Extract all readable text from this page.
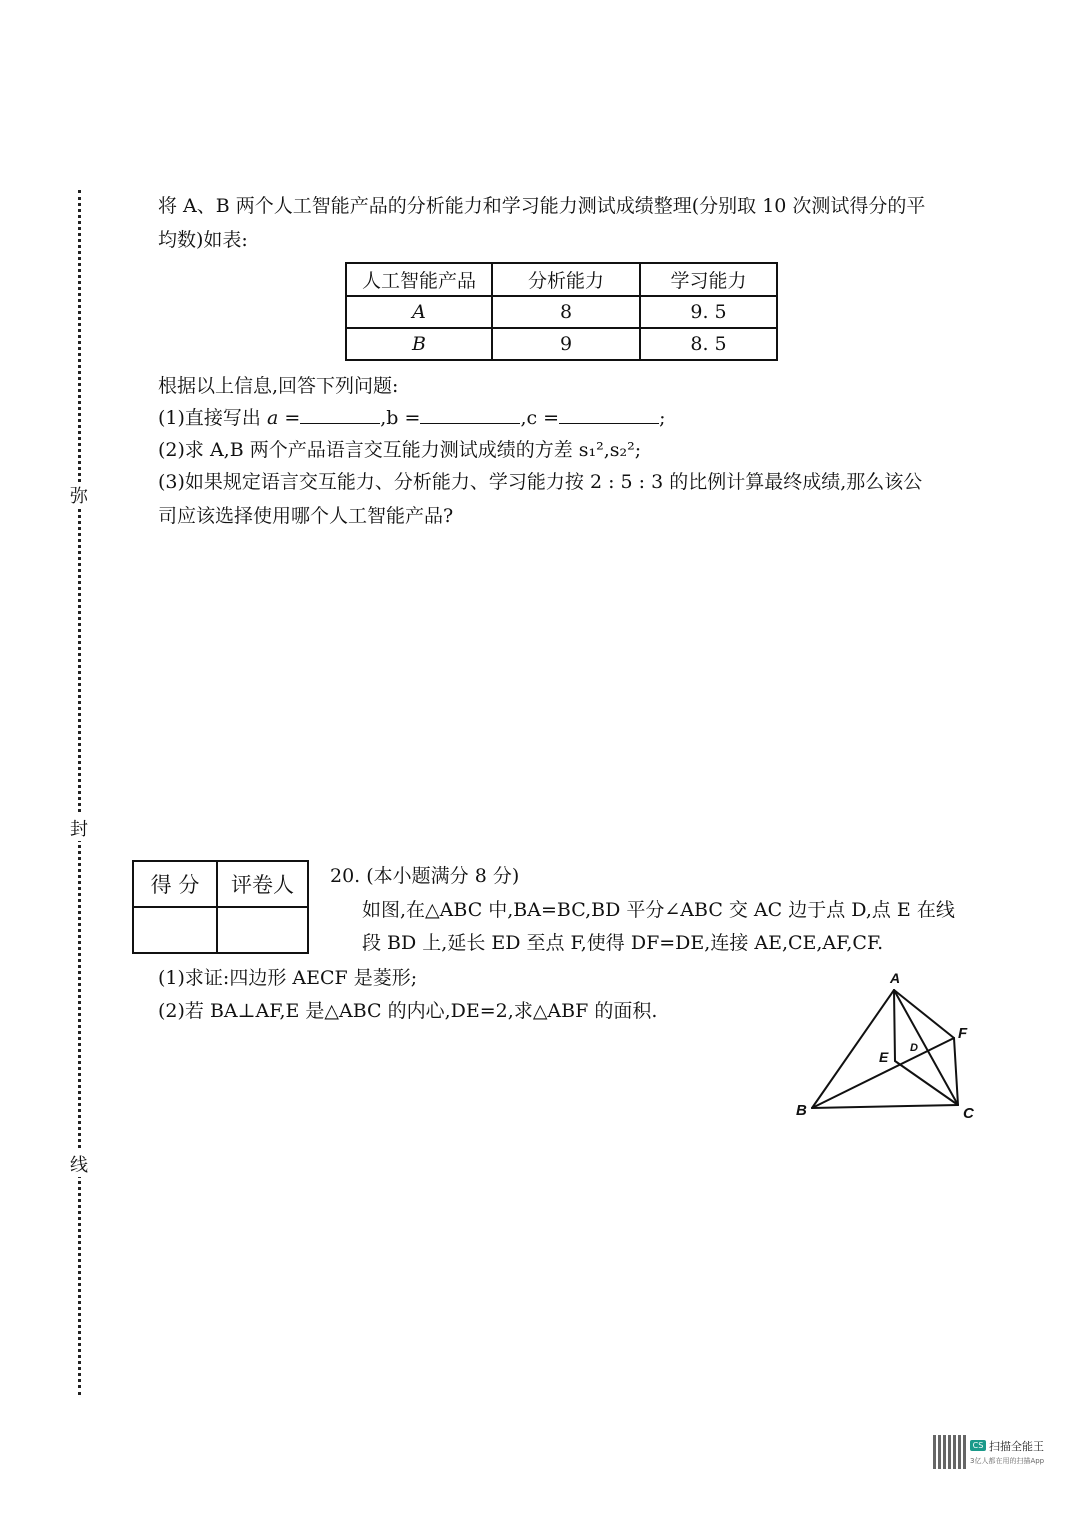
弥
封
线
将 A、B 两个人工智能产品的分析能力和学习能力测试成绩整理(分别取 10 次测试得分的平
均数)如表:
人工智能产品	分析能力	学习能力
A	8	9. 5
B	9	8. 5
根据以上信息,回答下列问题:
(1)直接写出 a =	,b =	,c =	;
(2)求 A,B 两个产品语言交互能力测试成绩的方差 s₁²,s₂²;
(3)如果规定语言交互能力、分析能力、学习能力按 2 : 5 : 3 的比例计算最终成绩,那么该公
司应该选择使用哪个人工智能产品?
得 分	评卷人
	20. (本小题满分 8 分)
如图,在△ABC 中,BA=BC,BD 平分∠ABC 交 AC 边于点 D,点 E 在线
段 BD 上,延长 ED 至点 F,使得 DF=DE,连接 AE,CE,AF,CF.
(1)求证:四边形 AECF 是菱形;
(2)若 BA⊥AF,E 是△ABC 的内心,DE=2,求△ABF 的面积.
A
B	C
D
E
F
CS 扫描全能王
3亿人都在用的扫描App
